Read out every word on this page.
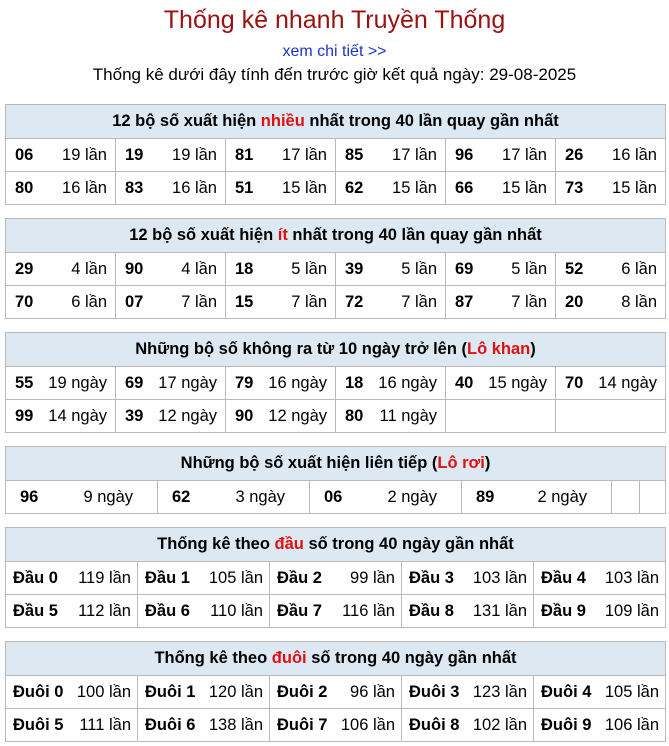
Thống kê nhanh Truyền Thống
xem chi tiết >>
Thống kê dưới đây tính đến trước giờ kết quả ngày: 29-08-2025
12 bộ số xuất hiện nhiều nhất trong 40 lần quay gần nhất					

06 19 lần	19 19 lần	81 17 lần	85 17 lần	96 17 lần	26 16 lần

80 16 lần	83 16 lần	51 15 lần	62 15 lần	66 15 lần	73 15 lần
12 bộ số xuất hiện ít nhất trong 40 lần quay gần nhất					

29 4 lần	90 4 lần	18 5 lần	39 5 lần	69 5 lần	52 6 lần

70 6 lần	07 7 lần	15 7 lần	72 7 lần	87 7 lần	20 8 lần
Những bộ số không ra từ 10 ngày trở lên (Lô khan)					

55 19 ngày	69 17 ngày	79 16 ngày	18 16 ngày	40 15 ngày	70 14 ngày

99 14 ngày	39 12 ngày	90 12 ngày	80 11 ngày		

Những bộ số xuất hiện liên tiếp (Lô rơi)

96	9 ngày	62	3 ngày	06	2 ngày	89	2 ngày

Thống kê theo đầu số trong 40 ngày gần nhất				

Đầu 0 119 lần	Đầu 1 105 lần	Đầu 2 99 lần	Đầu 3 103 lần	Đầu 4 103 lần

Đầu 5 112 lần	Đầu 6 110 lần	Đầu 7 116 lần	Đầu 8 131 lần	Đầu 9 109 lần
Thống kê theo đuôi số trong 40 ngày gần nhất				

Đuôi 0 100 lần	Đuôi 1 120 lần	Đuôi 2 96 lần	Đuôi 3 123 lần	Đuôi 4 105 lần

Đuôi 5 111 lần	Đuôi 6 138 lần	Đuôi 7 106 lần	Đuôi 8 102 lần	Đuôi 9 106 lần
